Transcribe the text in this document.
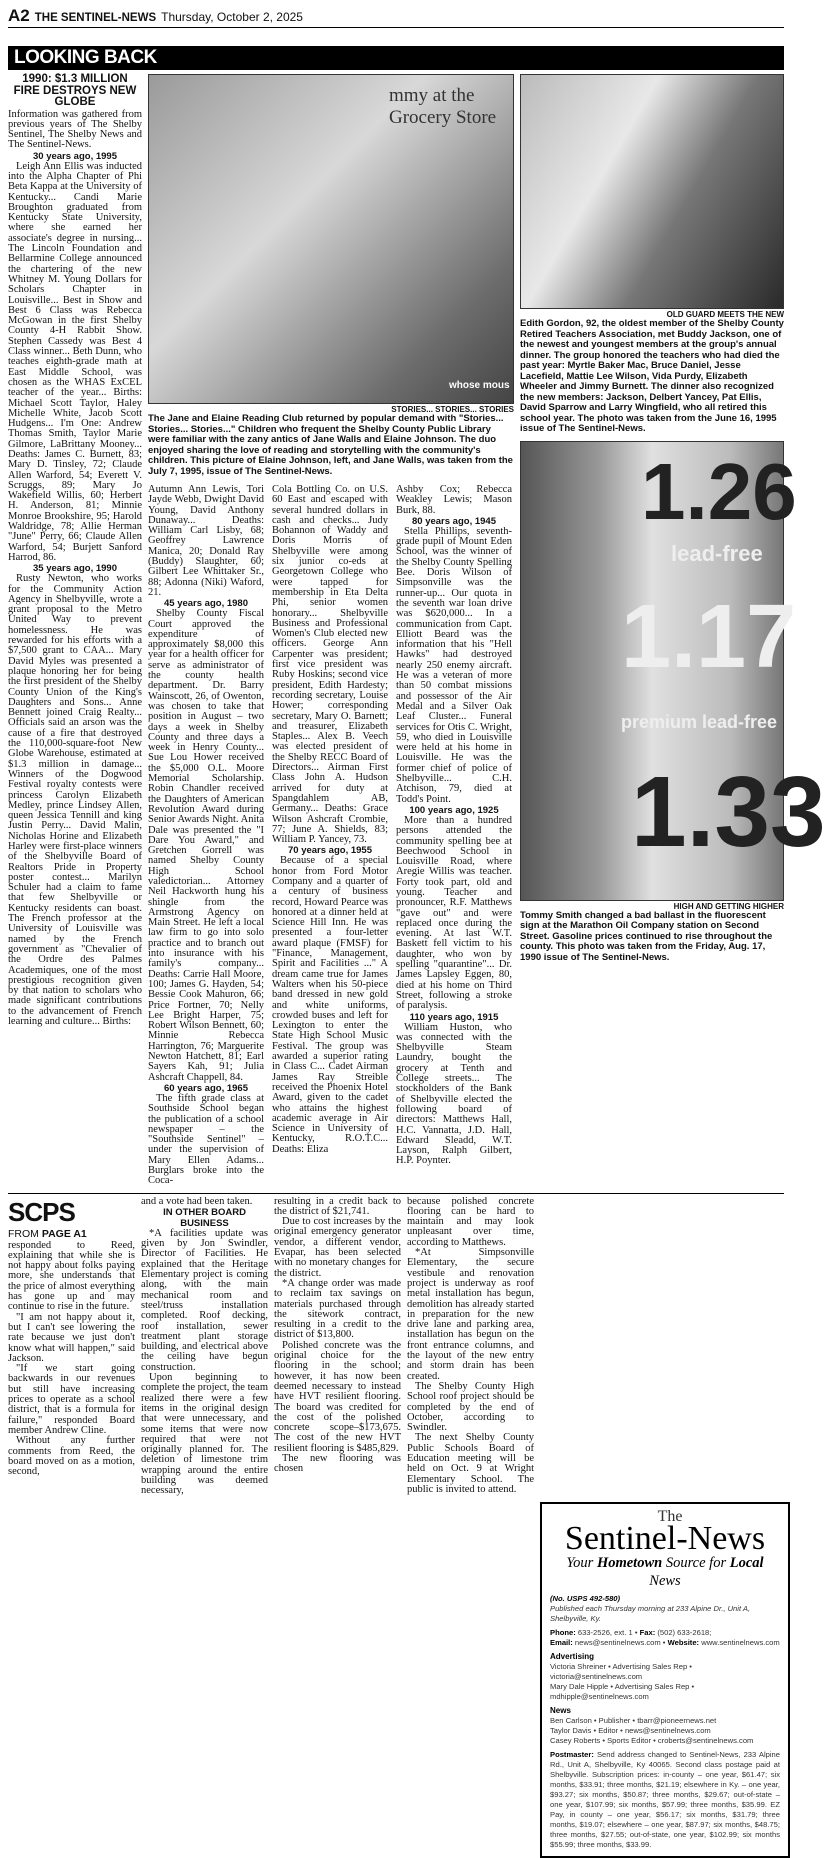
A2 THE SENTINEL-NEWS Thursday, October 2, 2025
LOOKING BACK

1990: $1.3 MILLION FIRE DESTROYS NEW GLOBE

Information was gathered from previous years of The Shelby Sentinel, The Shelby News and The Sentinel-News.

30 years ago, 1995

Leigh Ann Ellis was inducted into the Alpha Chapter of Phi Beta Kappa at the University of Kentucky... Candi Marie Broughton graduated from Kentucky State University, where she earned her associate's degree in nursing... The Lincoln Foundation and Bellarmine College announced the chartering of the new Whitney M. Young Dollars for Scholars Chapter in Louisville... Best in Show and Best 6 Class was Rebecca McGowan in the first Shelby County 4-H Rabbit Show. Stephen Cassedy was Best 4 Class winner... Beth Dunn, who teaches eighth-grade math at East Middle School, was chosen as the WHAS ExCEL teacher of the year... Births: Michael Scott Taylor, Haley Michelle White, Jacob Scott Hudgens... I'm One: Andrew Thomas Smith, Taylor Marie Gilmore, LaBrittany Mooney... Deaths: James C. Burnett, 83; Mary D. Tinsley, 72; Claude Allen Warford, 54; Everett V. Scruggs, 89; Mary Jo Wakefield Willis, 60; Herbert H. Anderson, 81; Minnie Monroe Brookshire, 95; Harold Waldridge, 78; Allie Herman "June" Perry, 66; Claude Allen Warford, 54; Burjett Sanford Harrod, 86.

35 years ago, 1990

Rusty Newton, who works for the Community Action Agency in Shelbyville, wrote a grant proposal to the Metro United Way to prevent homelessness. He was rewarded for his efforts with a $7,500 grant to CAA... Mary David Myles was presented a plaque honoring her for being the first president of the Shelby County Union of the King's Daughters and Sons... Anne Bennett joined Craig Realty... Officials said an arson was the cause of a fire that destroyed the 110,000-square-foot New Globe Warehouse, estimated at $1.3 million in damage... Winners of the Dogwood Festival royalty contests were princess Carolyn Elizabeth Medley, prince Lindsey Allen, queen Jessica Tennill and king Justin Perry... David Malin, Nicholas Horine and Elizabeth Harley were first-place winners of the Shelbyville Board of Realtors Pride in Property poster contest... Marilyn Schuler had a claim to fame that few Shelbyville or Kentucky residents can boast. The French professor at the University of Louisville was named by the French government as "Chevalier of the Ordre des Palmes Academiques, one of the most prestigious recognition given by that nation to scholars who made significant contributions to the advancement of French learning and culture... Births:

mmy at the Grocery Store
whose mous
STORIES... STORIES... STORIES
The Jane and Elaine Reading Club returned by popular demand with "Stories... Stories... Stories..." Children who frequent the Shelby County Public Library were familiar with the zany antics of Jane Walls and Elaine Johnson. The duo enjoyed sharing the love of reading and storytelling with the community's children. This picture of Elaine Johnson, left, and Jane Walls, was taken from the July 7, 1995, issue of The Sentinel-News.

Autumn Ann Lewis, Tori Jayde Webb, Dwight David Young, David Anthony Dunaway... Deaths: William Carl Lisby, 68; Geoffrey Lawrence Manica, 20; Donald Ray (Buddy) Slaughter, 60; Gilbert Lee Whittaker Sr., 88; Adonna (Niki) Waford, 21.

45 years ago, 1980

Shelby County Fiscal Court approved the expenditure of approximately $8,000 this year for a health officer for serve as administrator of the county health department. Dr. Barry Wainscott, 26, of Owenton, was chosen to take that position in August – two days a week in Shelby County and three days a week in Henry County... Sue Lou Hower received the $5,000 O.L. Moore Memorial Scholarship. Robin Chandler received the Daughters of American Revolution Award during Senior Awards Night. Anita Dale was presented the "I Dare You Award," and Gretchen Gorrell was named Shelby County High School valedictorian... Attorney Neil Hackworth hung his shingle from the Armstrong Agency on Main Street. He left a local law firm to go into solo practice and to branch out into insurance with his family's company... Deaths: Carrie Hall Moore, 100; James G. Hayden, 54; Bessie Cook Mahuron, 66; Price Fortner, 70; Nelly Lee Bright Harper, 75; Robert Wilson Bennett, 60; Minnie Rebecca Harrington, 76; Marguerite Newton Hatchett, 81; Earl Sayers Kah, 91; Julia Ashcraft Chappell, 84.

60 years ago, 1965

The fifth grade class at Southside School began the publication of a school newspaper – the "Southside Sentinel" – under the supervision of Mary Ellen Adams... Burglars broke into the Coca-

Cola Bottling Co. on U.S. 60 East and escaped with several hundred dollars in cash and checks... Judy Bohannon of Waddy and Doris Morris of Shelbyville were among six junior co-eds at Georgetown College who were tapped for membership in Eta Delta Phi, senior women honorary... Shelbyville Business and Professional Women's Club elected new officers. George Ann Carpenter was president; first vice president was Ruby Hoskins; second vice president, Edith Hardesty; recording secretary, Louise Hower; corresponding secretary, Mary O. Barnett; and treasurer, Elizabeth Staples... Alex B. Veech was elected president of the Shelby RECC Board of Directors... Airman First Class John A. Hudson arrived for duty at Spangdahlem AB, Germany... Deaths: Grace Wilson Ashcraft Crombie, 77; June A. Shields, 83; William P. Yancey, 73.

70 years ago, 1955

Because of a special honor from Ford Motor Company and a quarter of a century of business record, Howard Pearce was honored at a dinner held at Science Hill Inn. He was presented a four-letter award plaque (FMSF) for "Finance, Management, Spirit and Facilities ..." A dream came true for James Walters when his 50-piece band dressed in new gold and white uniforms, crowded buses and left for Lexington to enter the State High School Music Festival. The group was awarded a superior rating in Class C... Cadet Airman James Ray Streible received the Phoenix Hotel Award, given to the cadet who attains the highest academic average in Air Science in University of Kentucky, R.O.T.C... Deaths: Eliza

Ashby Cox; Rebecca Weakley Lewis; Mason Burk, 88.

80 years ago, 1945

Stella Phillips, seventh-grade pupil of Mount Eden School, was the winner of the Shelby County Spelling Bee. Doris Wilson of Simpsonville was the runner-up... Our quota in the seventh war loan drive was $620,000... In a communication from Capt. Elliott Beard was the information that his "Hell Hawks" had destroyed nearly 250 enemy aircraft. He was a veteran of more than 50 combat missions and possessor of the Air Medal and a Silver Oak Leaf Cluster... Funeral services for Otis C. Wright, 59, who died in Louisville were held at his home in Louisville. He was the former chief of police of Shelbyville... C.H. Atchison, 79, died at Todd's Point.

100 years ago, 1925

More than a hundred persons attended the community spelling bee at Beechwood School in Louisville Road, where Aregie Willis was teacher. Forty took part, old and young. Teacher and pronouncer, R.F. Matthews "gave out" and were replaced once during the evening. At last W.T. Baskett fell victim to his daughter, who won by spelling "quarantine"... Dr. James Lapsley Eggen, 80, died at his home on Third Street, following a stroke of paralysis.

110 years ago, 1915

William Huston, who was connected with the Shelbyville Steam Laundry, bought the grocery at Tenth and College streets... The stockholders of the Bank of Shelbyville elected the following board of directors: Matthews Hall, H.C. Vannatta, J.D. Hall, Edward Sleadd, W.T. Layson, Ralph Gilbert, H.P. Poynter.

OLD GUARD MEETS THE NEW
Edith Gordon, 92, the oldest member of the Shelby County Retired Teachers Association, met Buddy Jackson, one of the newest and youngest members at the group's annual dinner. The group honored the teachers who had died the past year: Myrtle Baker Mac, Bruce Daniel, Jesse Lacefield, Mattie Lee Wilson, Vida Purdy, Elizabeth Wheeler and Jimmy Burnett. The dinner also recognized the new members: Jackson, Delbert Yancey, Pat Ellis, David Sparrow and Larry Wingfield, who all retired this school year. The photo was taken from the June 16, 1995 issue of The Sentinel-News.
1.26
lead-free
1.17
premium lead-free
1.33
HIGH AND GETTING HIGHER
Tommy Smith changed a bad ballast in the fluorescent sign at the Marathon Oil Company station on Second Street. Gasoline prices continued to rise throughout the county. This photo was taken from the Friday, Aug. 17, 1990 issue of The Sentinel-News.
SCPS
FROM PAGE A1

responded to Reed, explaining that while she is not happy about folks paying more, she understands that the price of almost everything has gone up and may continue to rise in the future.

"I am not happy about it, but I can't see lowering the rate because we just don't know what will happen," said Jackson.

"If we start going backwards in our revenues but still have increasing prices to operate as a school district, that is a formula for failure," responded Board member Andrew Cline.

Without any further comments from Reed, the board moved on as a motion, second,

and a vote had been taken.

IN OTHER BOARD BUSINESS

*A facilities update was given by Jon Swindler, Director of Facilities. He explained that the Heritage Elementary project is coming along, with the main mechanical room and steel/truss installation completed. Roof decking, roof installation, sewer treatment plant storage building, and electrical above the ceiling have begun construction.

Upon beginning to complete the project, the team realized there were a few items in the original design that were unnecessary, and some items that were now required that were not originally planned for. The deletion of limestone trim wrapping around the entire building was deemed necessary,

resulting in a credit back to the district of $21,741.

Due to cost increases by the original emergency generator vendor, a different vendor, Evapar, has been selected with no monetary changes for the district.

*A change order was made to reclaim tax savings on materials purchased through the sitework contract, resulting in a credit to the district of $13,800.

Polished concrete was the original choice for the flooring in the school; however, it has now been deemed necessary to instead have HVT resilient flooring. The board was credited for the cost of the polished concrete scope–$173,675. The cost of the new HVT resilient flooring is $485,829.

The new flooring was chosen

because polished concrete flooring can be hard to maintain and may look unpleasant over time, according to Matthews.

*At Simpsonville Elementary, the secure vestibule and renovation project is underway as roof metal installation has begun, demolition has already started in preparation for the new drive lane and parking area, installation has begun on the front entrance columns, and the layout of the new entry and storm drain has been created.

The Shelby County High School roof project should be completed by the end of October, according to Swindler.

The next Shelby County Public Schools Board of Education meeting will be held on Oct. 9 at Wright Elementary School. The public is invited to attend.

The
Sentinel-News
Your Hometown Source for Local News
(No. USPS 492-580)
Published each Thursday morning at 233 Alpine Dr., Unit A, Shelbyville, Ky.
Phone: 633-2526, ext. 1 • Fax: (502) 633-2618;
Email: news@sentinelnews.com • Website: www.sentinelnews.com
Advertising
Victoria Shreiner • Advertising Sales Rep • victoria@sentinelnews.com
Mary Dale Hipple • Advertising Sales Rep • mdhipple@sentinelnews.com
News
Ben Carlson • Publisher • tbarr@pioneernews.net
Taylor Davis • Editor • news@sentinelnews.com
Casey Roberts • Sports Editor • croberts@sentinelnews.com
Postmaster: Send address changed to Sentinel-News, 233 Alpine Rd., Unit A, Shelbyville, Ky 40065. Second class postage paid at Shelbyville. Subscription prices: in-county – one year, $61.47; six months, $33.91; three months, $21.19; elsewhere in Ky. – one year, $93.27; six months, $50.87; three months, $29.67; out-of-state – one year, $107.99; six months, $57.99; three months, $35.99. EZ Pay, in county – one year, $56.17; six months, $31.79; three months, $19.07; elsewhere – one year, $87.97; six months, $48.75; three months, $27.55; out-of-state, one year, $102.99; six months $55.99; three months, $33.99.
